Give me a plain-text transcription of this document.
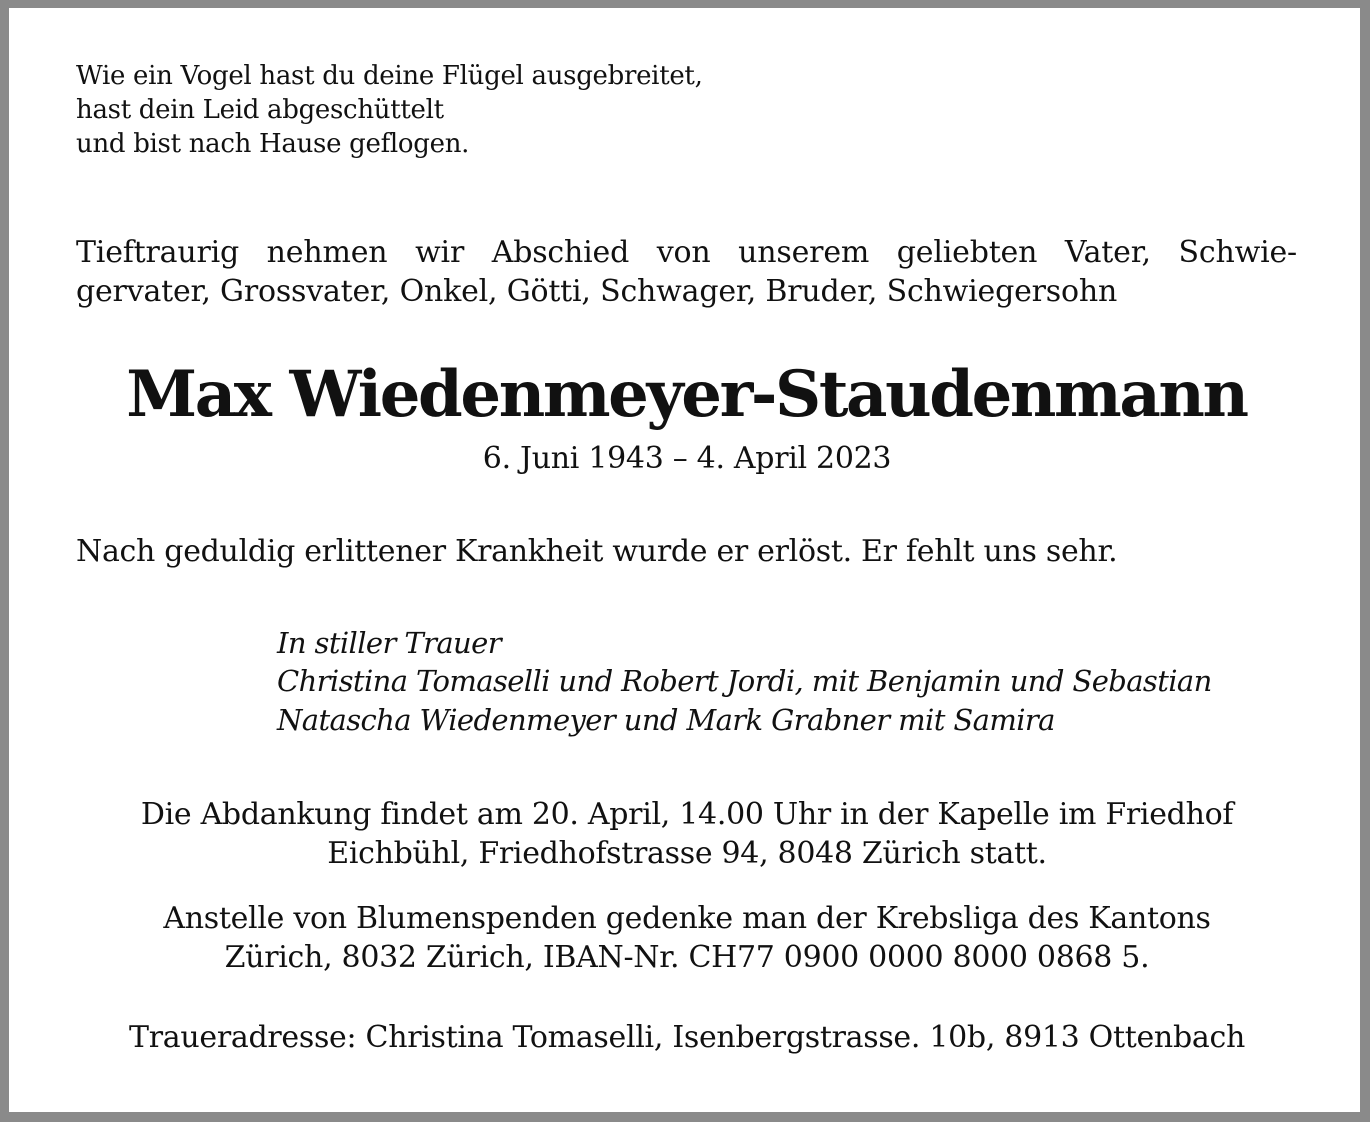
Wie ein Vogel hast du deine Flügel ausgebreitet,
hast dein Leid abgeschüttelt
und bist nach Hause geflogen.
Tieftraurig nehmen wir Abschied von unserem geliebten Vater, Schwie-
gervater, Grossvater, Onkel, Götti, Schwager, Bruder, Schwiegersohn
Max Wiedenmeyer-Staudenmann
6. Juni 1943 – 4. April 2023
Nach geduldig erlittener Krankheit wurde er erlöst. Er fehlt uns sehr.
In stiller Trauer
Christina Tomaselli und Robert Jordi, mit Benjamin und Sebastian
Natascha Wiedenmeyer und Mark Grabner mit Samira
Die Abdankung findet am 20. April, 14.00 Uhr in der Kapelle im Friedhof
Eichbühl, Friedhofstrasse 94, 8048 Zürich statt.
Anstelle von Blumenspenden gedenke man der Krebsliga des Kantons
Zürich, 8032 Zürich, IBAN-Nr. CH77 0900 0000 8000 0868 5.
Traueradresse: Christina Tomaselli, Isenbergstrasse. 10b, 8913 Ottenbach
